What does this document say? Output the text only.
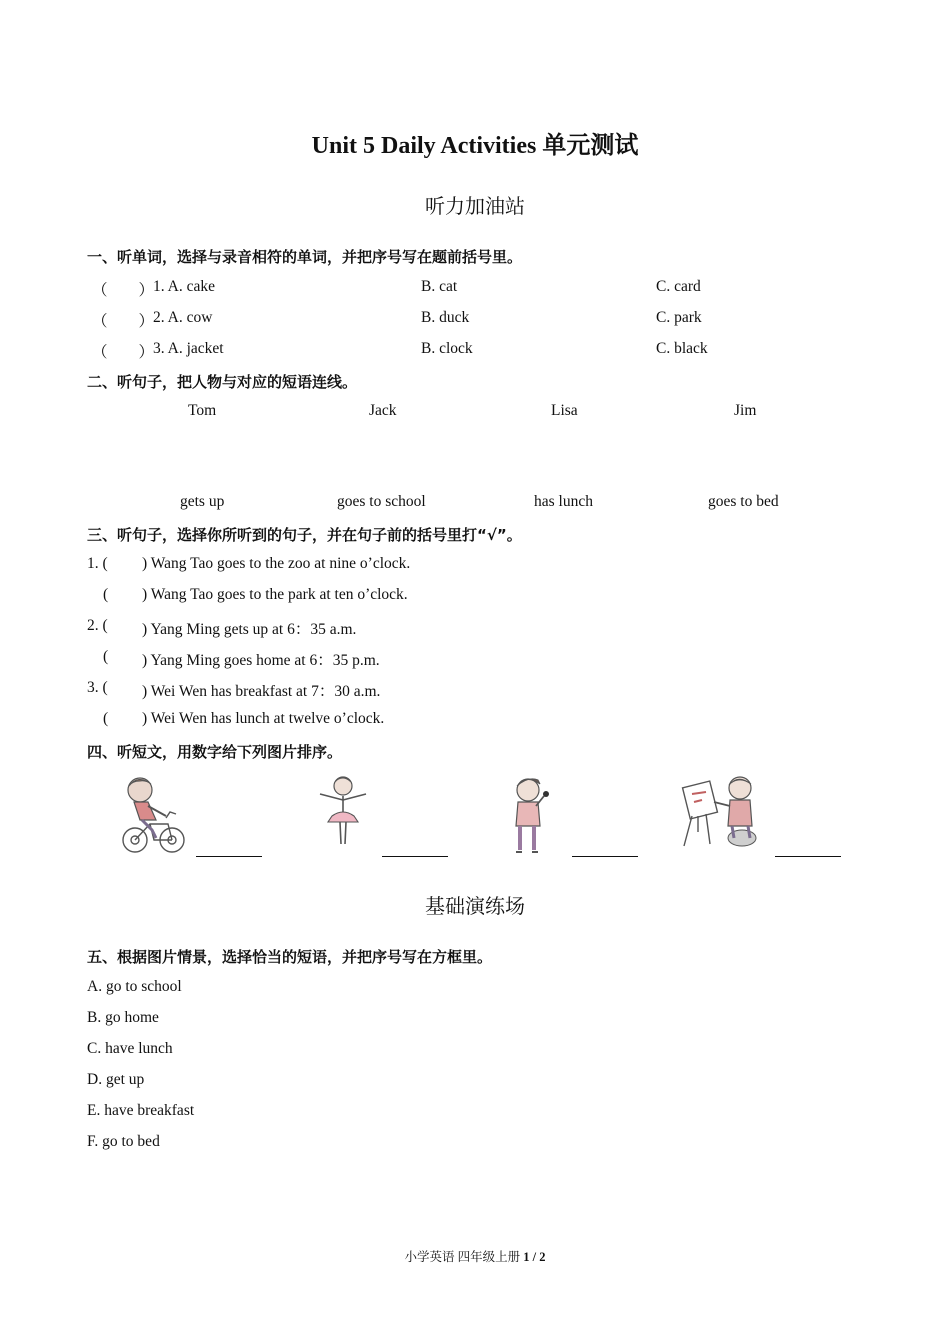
Unit 5 Daily Activities 单元测试
听力加油站
一、听单词，选择与录音相符的单词，并把序号写在题前括号里。
（　　）
1. A. cake	B. cat	C. card
（　　）
2. A. cow	B. duck	C. park
（　　）
3. A. jacket	B. clock	C. black
二、听句子，把人物与对应的短语连线。
Tom	Jack	Lisa	Jim
gets up	goes to school	has lunch	goes to bed
三、听句子，选择你所听到的句子，并在句子前的括号里打“√”。
1. ( ) Wang Tao goes to the zoo at nine o’clock.
( ) Wang Tao goes to the park at ten o’clock.
2. ( ) Yang Ming gets up at 6：35 a.m.
( ) Yang Ming goes home at 6：35 p.m.
3. ( ) Wei Wen has breakfast at 7：30 a.m.
( ) Wei Wen has lunch at twelve o’clock.
四、听短文，用数字给下列图片排序。
基础演练场
五、根据图片情景，选择恰当的短语，并把序号写在方框里。
A. go to school
B. go home
C. have lunch
D. get up
E. have breakfast
F. go to bed
小学英语 四年级上册 1 / 2
